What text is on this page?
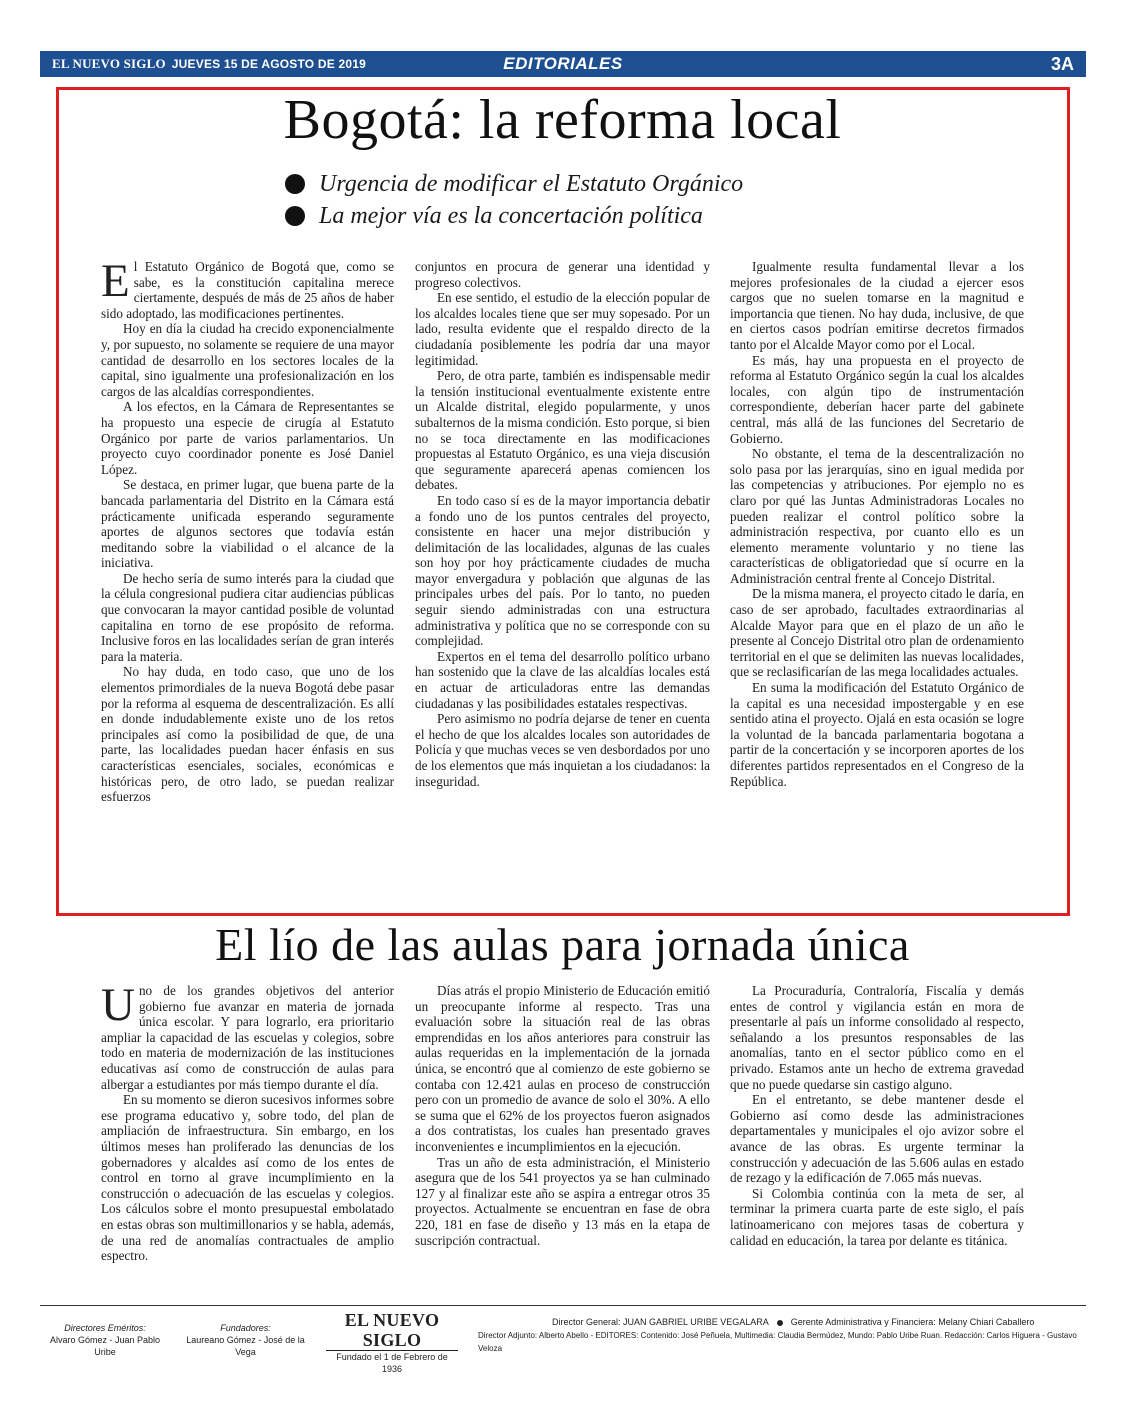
EL NUEVO SIGLO JUEVES 15 DE AGOSTO DE 2019	EDITORIALES	3A
Bogotá: la reforma local
Urgencia de modificar el Estatuto Orgánico
La mejor vía es la concertación política

El Estatuto Orgánico de Bogotá que, como se sabe, es la constitución capitalina merece ciertamente, después de más de 25 años de haber sido adoptado, las modificaciones pertinentes.

Hoy en día la ciudad ha crecido exponencialmente y, por supuesto, no solamente se requiere de una mayor cantidad de desarrollo en los sectores locales de la capital, sino igualmente una profesionalización en los cargos de las alcaldías correspondientes.

A los efectos, en la Cámara de Representantes se ha propuesto una especie de cirugía al Estatuto Orgánico por parte de varios parlamentarios. Un proyecto cuyo coordinador ponente es José Daniel López.

Se destaca, en primer lugar, que buena parte de la bancada parlamentaria del Distrito en la Cámara está prácticamente unificada esperando seguramente aportes de algunos sectores que todavía están meditando sobre la viabilidad o el alcance de la iniciativa.

De hecho sería de sumo interés para la ciudad que la célula congresional pudiera citar audiencias públicas que convocaran la mayor cantidad posible de voluntad capitalina en torno de ese propósito de reforma. Inclusive foros en las localidades serían de gran interés para la materia.

No hay duda, en todo caso, que uno de los elementos primordiales de la nueva Bogotá debe pasar por la reforma al esquema de descentralización. Es allí en donde indudablemente existe uno de los retos principales así como la posibilidad de que, de una parte, las localidades puedan hacer énfasis en sus características esenciales, sociales, económicas e históricas pero, de otro lado, se puedan realizar esfuerzos

conjuntos en procura de generar una identidad y progreso colectivos.

En ese sentido, el estudio de la elección popular de los alcaldes locales tiene que ser muy sopesado. Por un lado, resulta evidente que el respaldo directo de la ciudadanía posiblemente les podría dar una mayor legitimidad.

Pero, de otra parte, también es indispensable medir la tensión institucional eventualmente existente entre un Alcalde distrital, elegido popularmente, y unos subalternos de la misma condición. Esto porque, si bien no se toca directamente en las modificaciones propuestas al Estatuto Orgánico, es una vieja discusión que seguramente aparecerá apenas comiencen los debates.

En todo caso sí es de la mayor importancia debatir a fondo uno de los puntos centrales del proyecto, consistente en hacer una mejor distribución y delimitación de las localidades, algunas de las cuales son hoy por hoy prácticamente ciudades de mucha mayor envergadura y población que algunas de las principales urbes del país. Por lo tanto, no pueden seguir siendo administradas con una estructura administrativa y política que no se corresponde con su complejidad.

Expertos en el tema del desarrollo político urbano han sostenido que la clave de las alcaldías locales está en actuar de articuladoras entre las demandas ciudadanas y las posibilidades estatales respectivas.

Pero asimismo no podría dejarse de tener en cuenta el hecho de que los alcaldes locales son autoridades de Policía y que muchas veces se ven desbordados por uno de los elementos que más inquietan a los ciudadanos: la inseguridad.

Igualmente resulta fundamental llevar a los mejores profesionales de la ciudad a ejercer esos cargos que no suelen tomarse en la magnitud e importancia que tienen. No hay duda, inclusive, de que en ciertos casos podrían emitirse decretos firmados tanto por el Alcalde Mayor como por el Local.

Es más, hay una propuesta en el proyecto de reforma al Estatuto Orgánico según la cual los alcaldes locales, con algún tipo de instrumentación correspondiente, deberían hacer parte del gabinete central, más allá de las funciones del Secretario de Gobierno.

No obstante, el tema de la descentralización no solo pasa por las jerarquías, sino en igual medida por las competencias y atribuciones. Por ejemplo no es claro por qué las Juntas Administradoras Locales no pueden realizar el control político sobre la administración respectiva, por cuanto ello es un elemento meramente voluntario y no tiene las características de obligatoriedad que sí ocurre en la Administración central frente al Concejo Distrital.

De la misma manera, el proyecto citado le daría, en caso de ser aprobado, facultades extraordinarias al Alcalde Mayor para que en el plazo de un año le presente al Concejo Distrital otro plan de ordenamiento territorial en el que se delimiten las nuevas localidades, que se reclasificarían de las mega localidades actuales.

En suma la modificación del Estatuto Orgánico de la capital es una necesidad impostergable y en ese sentido atina el proyecto. Ojalá en esta ocasión se logre la voluntad de la bancada parlamentaria bogotana a partir de la concertación y se incorporen aportes de los diferentes partidos representados en el Congreso de la República.

El lío de las aulas para jornada única

Uno de los grandes objetivos del anterior gobierno fue avanzar en materia de jornada única escolar. Y para lograrlo, era prioritario ampliar la capacidad de las escuelas y colegios, sobre todo en materia de modernización de las instituciones educativas así como de construcción de aulas para albergar a estudiantes por más tiempo durante el día.

En su momento se dieron sucesivos informes sobre ese programa educativo y, sobre todo, del plan de ampliación de infraestructura. Sin embargo, en los últimos meses han proliferado las denuncias de los gobernadores y alcaldes así como de los entes de control en torno al grave incumplimiento en la construcción o adecuación de las escuelas y colegios. Los cálculos sobre el monto presupuestal embolatado en estas obras son multimillonarios y se habla, además, de una red de anomalías contractuales de amplio espectro.

Días atrás el propio Ministerio de Educación emitió un preocupante informe al respecto. Tras una evaluación sobre la situación real de las obras emprendidas en los años anteriores para construir las aulas requeridas en la implementación de la jornada única, se encontró que al comienzo de este gobierno se contaba con 12.421 aulas en proceso de construcción pero con un promedio de avance de solo el 30%. A ello se suma que el 62% de los proyectos fueron asignados a dos contratistas, los cuales han presentado graves inconvenientes e incumplimientos en la ejecución.

Tras un año de esta administración, el Ministerio asegura que de los 541 proyectos ya se han culminado 127 y al finalizar este año se aspira a entregar otros 35 proyectos. Actualmente se encuentran en fase de obra 220, 181 en fase de diseño y 13 más en la etapa de suscripción contractual.

La Procuraduría, Contraloría, Fiscalía y demás entes de control y vigilancia están en mora de presentarle al país un informe consolidado al respecto, señalando a los presuntos responsables de las anomalías, tanto en el sector público como en el privado. Estamos ante un hecho de extrema gravedad que no puede quedarse sin castigo alguno.

En el entretanto, se debe mantener desde el Gobierno así como desde las administraciones departamentales y municipales el ojo avizor sobre el avance de las obras. Es urgente terminar la construcción y adecuación de las 5.606 aulas en estado de rezago y la edificación de 7.065 más nuevas.

Si Colombia continúa con la meta de ser, al terminar la primera cuarta parte de este siglo, el país latinoamericano con mejores tasas de cobertura y calidad en educación, la tarea por delante es titánica.

Directores Eméritos:
Alvaro Gómez - Juan Pablo Uribe
Fundadores:
Laureano Gómez - José de la Vega
EL NUEVO SIGLO
Fundado el 1 de Febrero de 1936
Director General: JUAN GABRIEL URIBE VEGALARA Gerente Administrativa y Financiera: Melany Chiari Caballero
Director Adjunto: Alberto Abello - EDITORES: Contenido: José Peñuela, Multimedia: Claudia Bermúdez, Mundo: Pablo Uribe Ruan. Redacción: Carlos Higuera - Gustavo Veloza
